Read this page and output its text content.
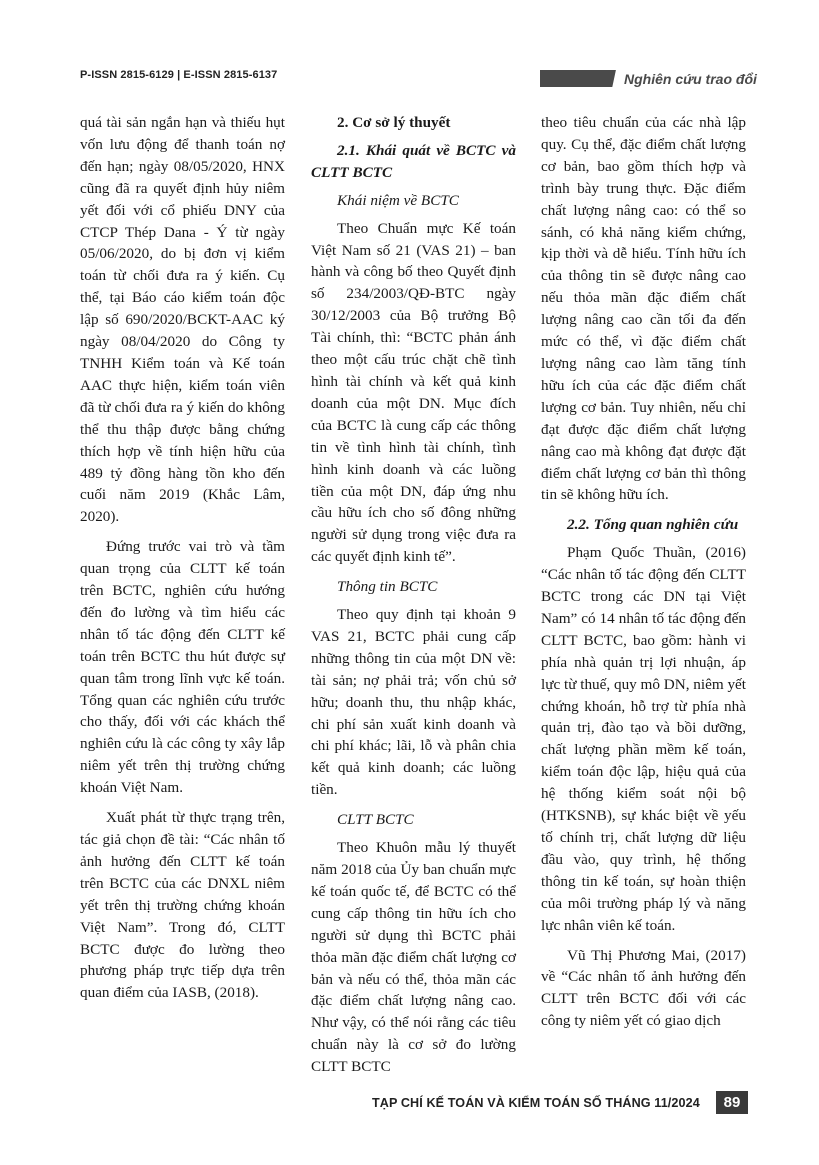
P-ISSN 2815-6129 | E-ISSN 2815-6137	Nghiên cứu trao đổi

quá tài sản ngắn hạn và thiếu hụt vốn lưu động để thanh toán nợ đến hạn; ngày 08/05/2020, HNX cũng đã ra quyết định hủy niêm yết đối với cổ phiếu DNY của CTCP Thép Dana - Ý từ ngày 05/06/2020, do bị đơn vị kiểm toán từ chối đưa ra ý kiến. Cụ thể, tại Báo cáo kiểm toán độc lập số 690/2020/BCKT-AAC ký ngày 08/04/2020 do Công ty TNHH Kiểm toán và Kế toán AAC thực hiện, kiểm toán viên đã từ chối đưa ra ý kiến do không thể thu thập được bằng chứng thích hợp về tính hiện hữu của 489 tỷ đồng hàng tồn kho đến cuối năm 2019 (Khắc Lâm, 2020).

Đứng trước vai trò và tầm quan trọng của CLTT kế toán trên BCTC, nghiên cứu hướng đến đo lường và tìm hiểu các nhân tố tác động đến CLTT kế toán trên BCTC thu hút được sự quan tâm trong lĩnh vực kế toán. Tổng quan các nghiên cứu trước cho thấy, đối với các khách thể nghiên cứu là các công ty xây lắp niêm yết trên thị trường chứng khoán Việt Nam.

Xuất phát từ thực trạng trên, tác giả chọn đề tài: “Các nhân tố ảnh hưởng đến CLTT kế toán trên BCTC của các DNXL niêm yết trên thị trường chứng khoán Việt Nam”. Trong đó, CLTT BCTC được đo lường theo phương pháp trực tiếp dựa trên quan điểm của IASB, (2018).

2. Cơ sở lý thuyết
2.1. Khái quát về BCTC và CLTT BCTC
Khái niệm về BCTC

Theo Chuẩn mực Kế toán Việt Nam số 21 (VAS 21) – ban hành và công bố theo Quyết định số 234/2003/QĐ-BTC ngày 30/12/2003 của Bộ trưởng Bộ Tài chính, thì: “BCTC phản ánh theo một cấu trúc chặt chẽ tình hình tài chính và kết quả kinh doanh của một DN. Mục đích của BCTC là cung cấp các thông tin về tình hình tài chính, tình hình kinh doanh và các luồng tiền của một DN, đáp ứng nhu cầu hữu ích cho số đông những người sử dụng trong việc đưa ra các quyết định kinh tế”.

Thông tin BCTC

Theo quy định tại khoản 9 VAS 21, BCTC phải cung cấp những thông tin của một DN về: tài sản; nợ phải trả; vốn chủ sở hữu; doanh thu, thu nhập khác, chi phí sản xuất kinh doanh và chi phí khác; lãi, lỗ và phân chia kết quả kinh doanh; các luồng tiền.

CLTT BCTC

Theo Khuôn mẫu lý thuyết năm 2018 của Ủy ban chuẩn mực kế toán quốc tế, để BCTC có thể cung cấp thông tin hữu ích cho người sử dụng thì BCTC phải thỏa mãn đặc điểm chất lượng cơ bản và nếu có thể, thỏa mãn các đặc điểm chất lượng nâng cao. Như vậy, có thể nói rằng các tiêu chuẩn này là cơ sở đo lường CLTT BCTC

theo tiêu chuẩn của các nhà lập quy. Cụ thể, đặc điểm chất lượng cơ bản, bao gồm thích hợp và trình bày trung thực. Đặc điểm chất lượng nâng cao: có thể so sánh, có khả năng kiểm chứng, kịp thời và dễ hiểu. Tính hữu ích của thông tin sẽ được nâng cao nếu thỏa mãn đặc điểm chất lượng nâng cao cần tối đa đến mức có thể, vì đặc điểm chất lượng nâng cao làm tăng tính hữu ích của các đặc điểm chất lượng cơ bản. Tuy nhiên, nếu chỉ đạt được đặc điểm chất lượng nâng cao mà không đạt được đặt điểm chất lượng cơ bản thì thông tin sẽ không hữu ích.

2.2. Tổng quan nghiên cứu

Phạm Quốc Thuần, (2016) “Các nhân tố tác động đến CLTT BCTC trong các DN tại Việt Nam” có 14 nhân tố tác động đến CLTT BCTC, bao gồm: hành vi phía nhà quản trị lợi nhuận, áp lực từ thuế, quy mô DN, niêm yết chứng khoán, hỗ trợ từ phía nhà quản trị, đào tạo và bồi dưỡng, chất lượng phần mềm kế toán, kiểm toán độc lập, hiệu quả của hệ thống kiểm soát nội bộ (HTKSNB), sự khác biệt về yếu tố chính trị, chất lượng dữ liệu đầu vào, quy trình, hệ thống thông tin kế toán, sự hoàn thiện của môi trường pháp lý và năng lực nhân viên kế toán.

Vũ Thị Phương Mai, (2017) về “Các nhân tố ảnh hưởng đến CLTT trên BCTC đối với các công ty niêm yết có giao dịch

TẠP CHÍ KẾ TOÁN VÀ KIỂM TOÁN SỐ THÁNG 11/2024	89
